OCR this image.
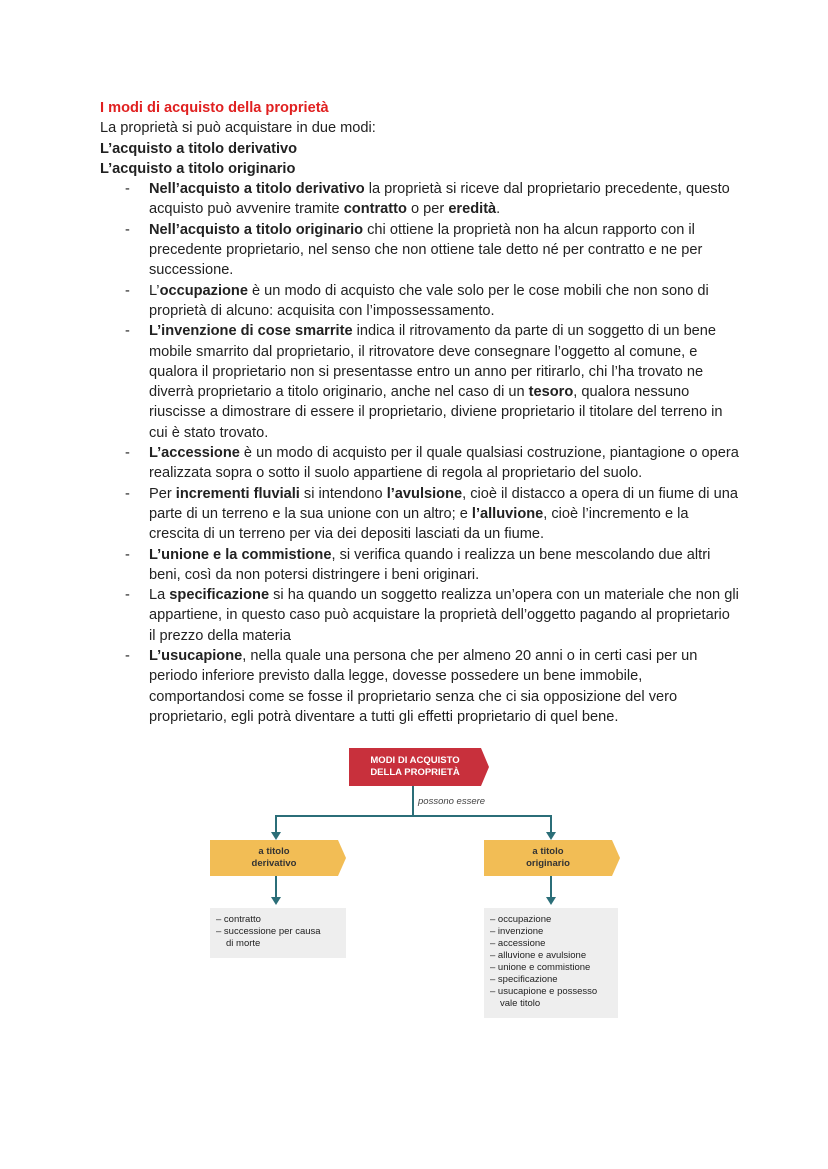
I modi di acquisto della proprietà
La proprietà si può acquistare in due modi:
L’acquisto a titolo derivativo
L’acquisto a titolo originario
- Nell’acquisto a titolo derivativo la proprietà si riceve dal proprietario precedente, questo acquisto può avvenire tramite contratto o per eredità.
- Nell’acquisto a titolo originario chi ottiene la proprietà non ha alcun rapporto con il precedente proprietario, nel senso che non ottiene tale detto né per contratto e ne per successione.
- L’occupazione è un modo di acquisto che vale solo per le cose mobili che non sono di proprietà di alcuno: acquisita con l’impossessamento.
- L’invenzione di cose smarrite indica il ritrovamento da parte di un soggetto di un bene mobile smarrito dal proprietario, il ritrovatore deve consegnare l’oggetto al comune, e qualora il proprietario non si presentasse entro un anno per ritirarlo, chi l’ha trovato ne diverrà proprietario a titolo originario, anche nel caso di un tesoro, qualora nessuno riuscisse a dimostrare di essere il proprietario, diviene proprietario il titolare del terreno in cui è stato trovato.
- L’accessione è un modo di acquisto per il quale qualsiasi costruzione, piantagione o opera realizzata sopra o sotto il suolo appartiene di regola al proprietario del suolo.
- Per incrementi fluviali si intendono l’avulsione, cioè il distacco a opera di un fiume di una parte di un terreno e la sua unione con un altro; e l’alluvione, cioè l’incremento e la crescita di un terreno per via dei depositi lasciati da un fiume.
- L’unione e la commistione, si verifica quando i realizza un bene mescolando due altri beni, così da non potersi distringere i beni originari.
- La specificazione si ha quando un soggetto realizza un’opera con un materiale che non gli appartiene, in questo caso può acquistare la proprietà dell’oggetto pagando al proprietario il prezzo della materia
- L’usucapione, nella quale una persona che per almeno 20 anni o in certi casi per un periodo inferiore previsto dalla legge, dovesse possedere un bene immobile, comportandosi come se fosse il proprietario senza che ci sia opposizione del vero proprietario, egli potrà diventare a tutti gli effetti proprietario di quel bene.
MODI DI ACQUISTO
DELLA PROPRIETÀ
possono essere
a titolo
derivativo
a titolo
originario
– contratto
– successione per causa
di morte
– occupazione
– invenzione
– accessione
– alluvione e avulsione
– unione e commistione
– specificazione
– usucapione e possesso
vale titolo
